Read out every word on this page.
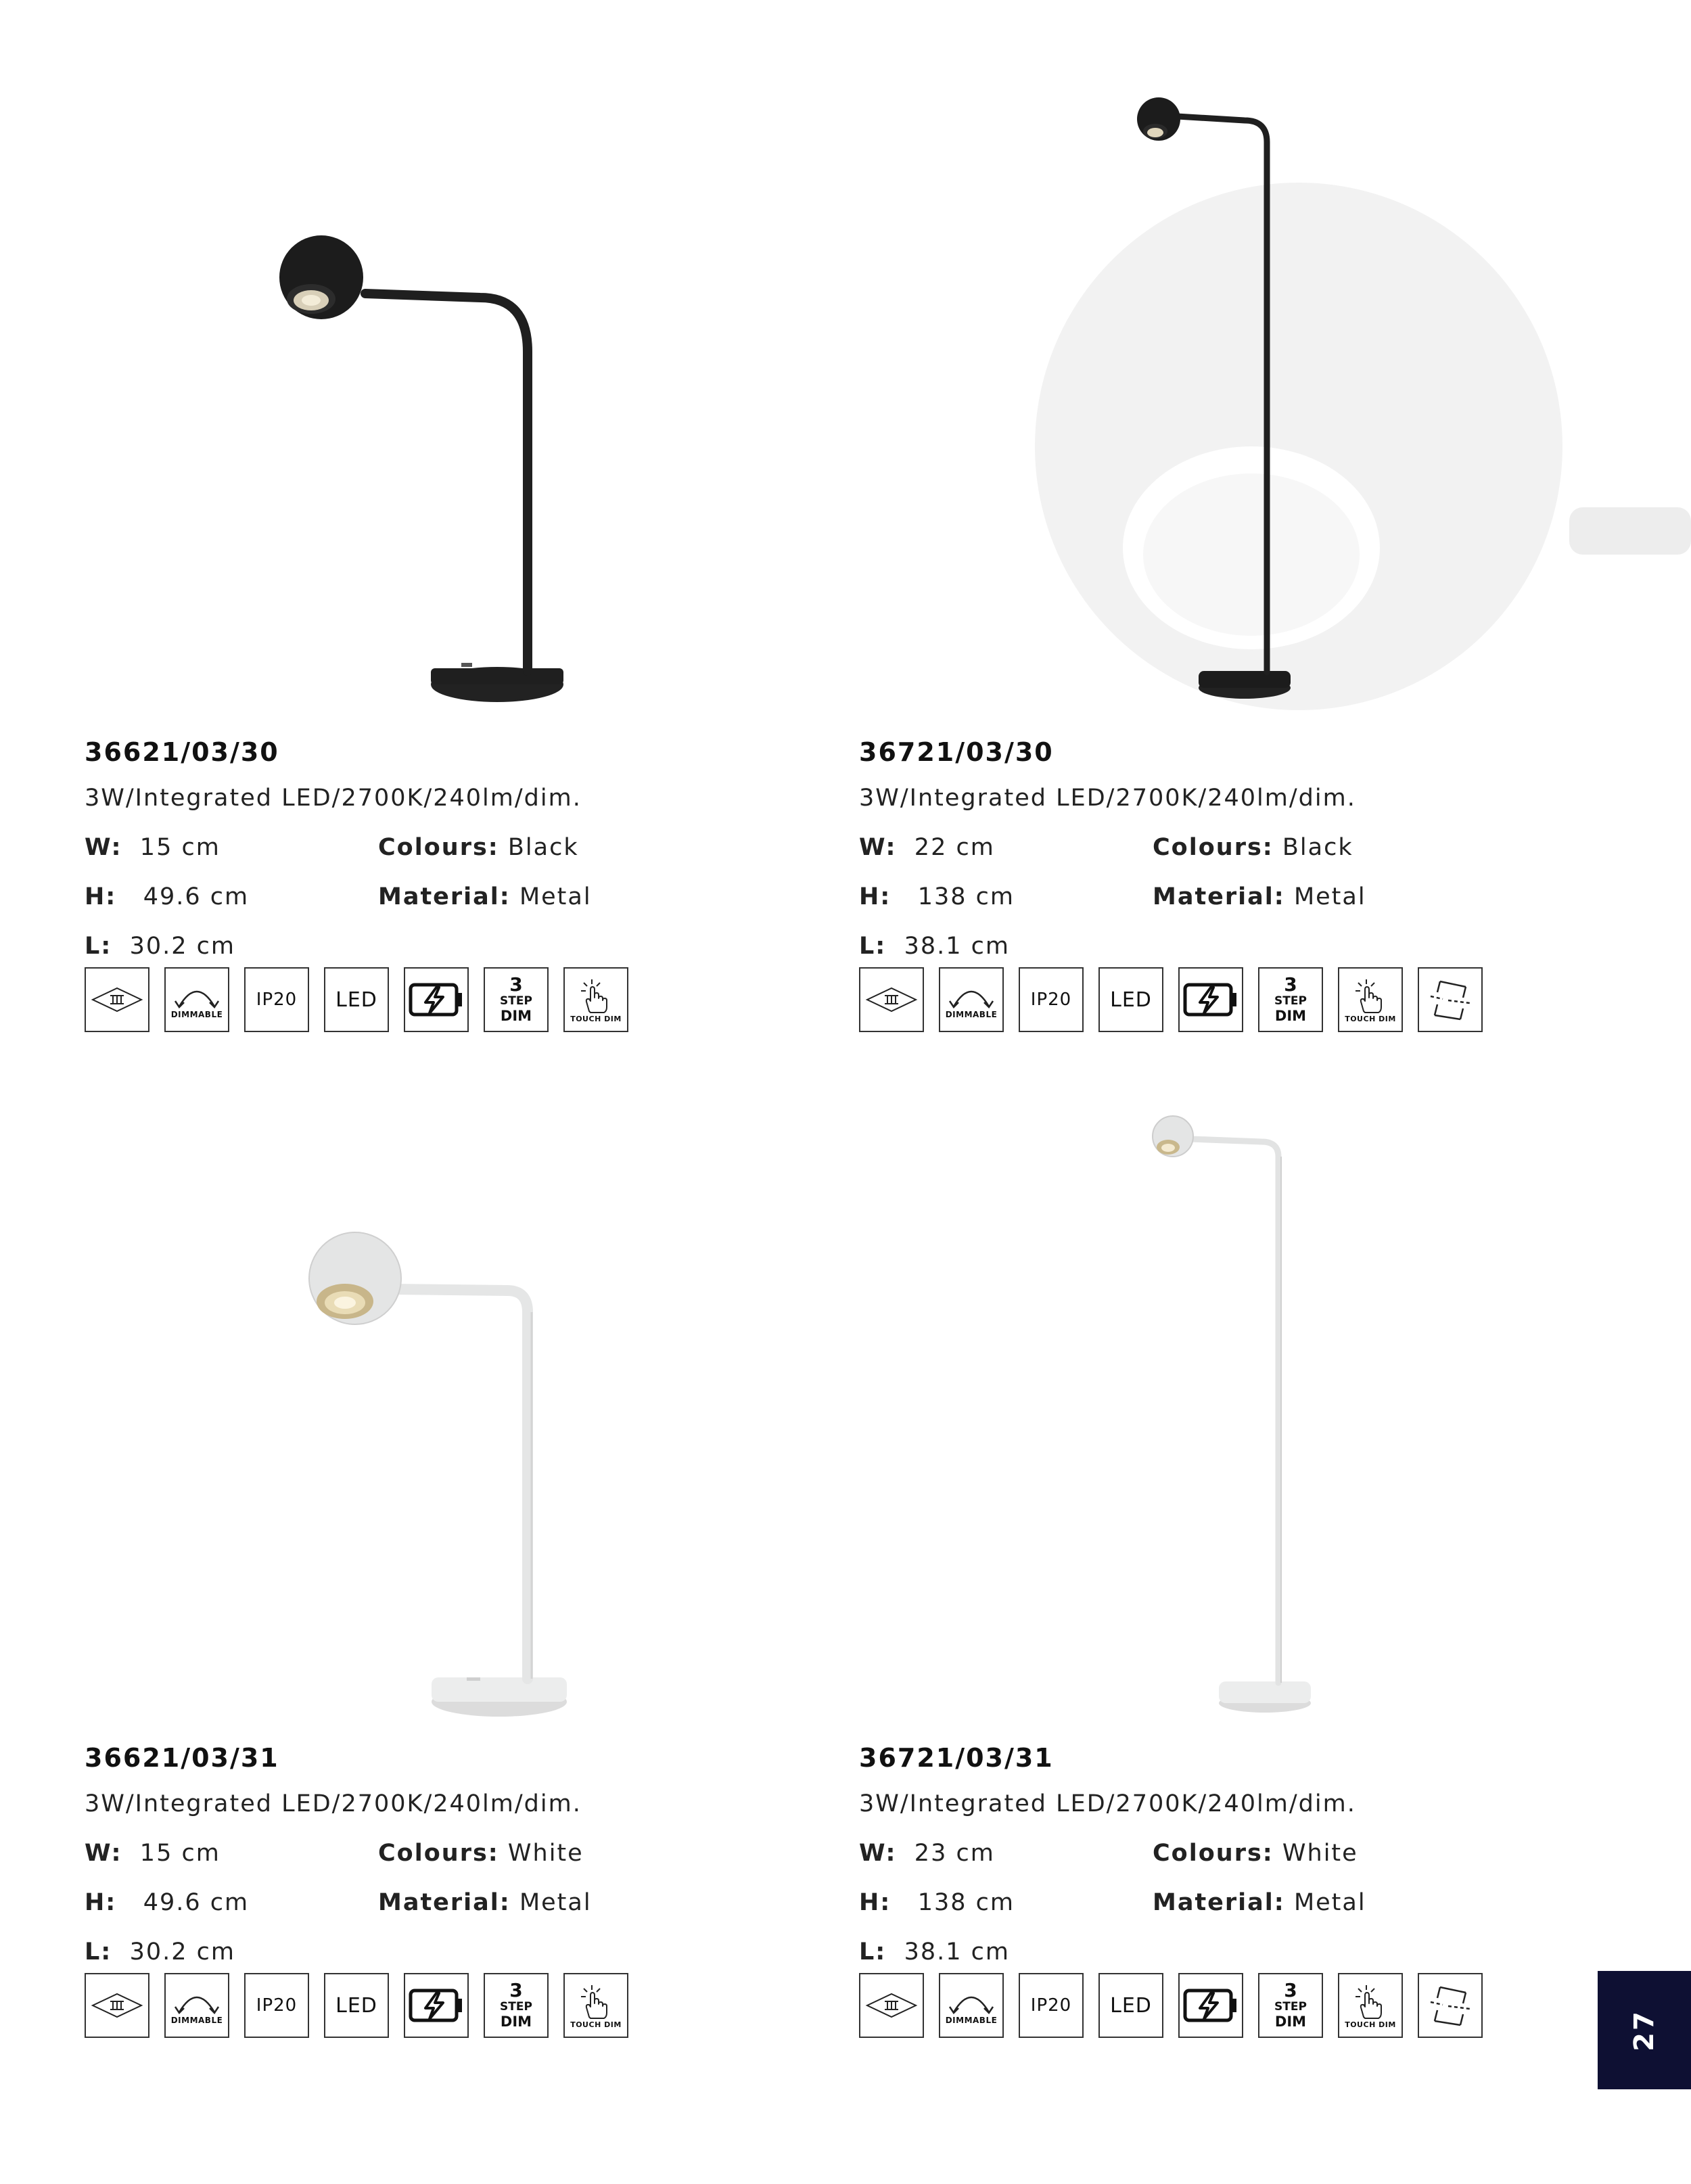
36621/03/30
3W/Integrated LED/2700K/240lm/dim.
W: 15 cm
H: 49.6 cm
L: 30.2 cm
Colours: Black
Material: Metal
DIMMABLE
IP20 LED
3
STEP
DIM	TOUCH DIM
36721/03/30
3W/Integrated LED/2700K/240lm/dim.
W: 22 cm
H: 138 cm
L: 38.1 cm
Colours: Black
Material: Metal
DIMMABLE
IP20 LED
3
STEP
DIM	TOUCH DIM
36621/03/31
3W/Integrated LED/2700K/240lm/dim.
W: 15 cm
H: 49.6 cm
L: 30.2 cm
Colours: White
Material: Metal
DIMMABLE
IP20 LED
3
STEP
DIM	TOUCH DIM
36721/03/31
3W/Integrated LED/2700K/240lm/dim.
W: 23 cm
H: 138 cm
L: 38.1 cm
Colours: White
Material: Metal
DIMMABLE
IP20 LED
3
STEP
DIM	TOUCH DIM	27
